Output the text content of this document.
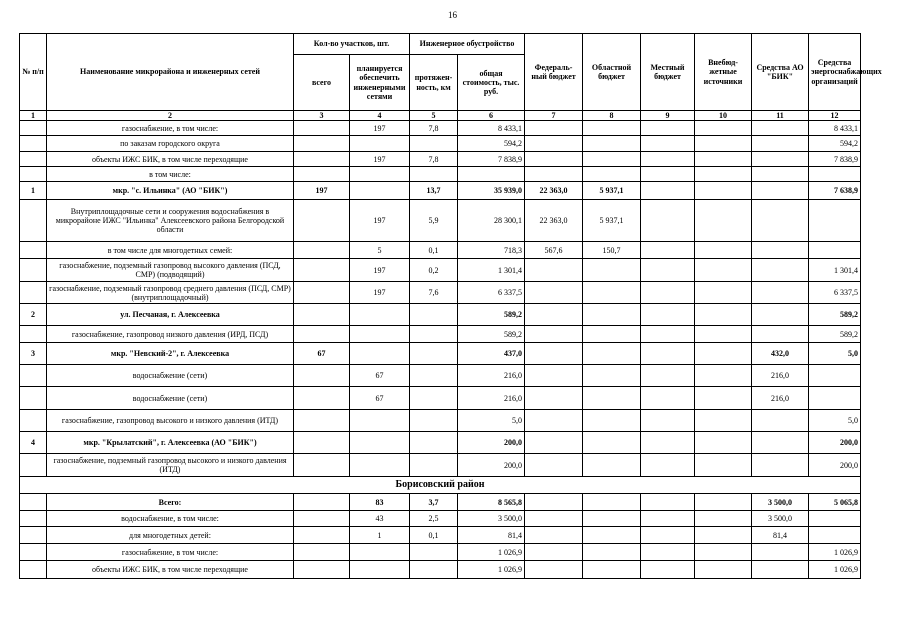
16
№ п/п	Наименование микрорайона и инженерных сетей	Кол-во участков, шт.		Инженерное обустройство		Федераль-ный бюджет	Областной бюджет	Местный бюджет	Внебюд-жетные источники	Средства АО "БИК"	Средства энергоснабжающих организаций
		всего	планируется обеспечить инженерными сетями	протяжен-ность, км	общая стоимость, тыс. руб.						
1	2	3	4	5	6	7	8	9	10	11	12
	газоснабжение, в том числе:		197	7,8	8 433,1						8 433,1
	по заказам городского округа				594,2						594,2
	объекты ИЖС БИК, в том числе переходящие		197	7,8	7 838,9						7 838,9
	в том числе:										
1	мкр. "с. Ильинка" (АО "БИК")	197		13,7	35 939,0	22 363,0	5 937,1				7 638,9
	Внутриплощадочные сети и сооружения водоснабжения в микрорайоне ИЖС "Ильинка" Алексеевского района Белгородской области		197	5,9	28 300,1	22 363,0	5 937,1				
	в том числе для многодетных семей:		5	0,1	718,3	567,6	150,7				
	газоснабжение, подземный газопровод высокого давления (ПСД, СМР) (подводящий)		197	0,2	1 301,4						1 301,4
	газоснабжение, подземный газопровод среднего давления (ПСД, СМР) (внутриплощадочный)		197	7,6	6 337,5						6 337,5
2	ул. Песчаная, г. Алексеевка				589,2						589,2
	газоснабжение, газопровод низкого давления (ИРД, ПСД)				589,2						589,2
3	мкр. "Невский-2", г. Алексеевка	67			437,0					432,0	5,0
	водоснабжение (сети)		67		216,0					216,0	
	водоснабжение (сети)		67		216,0					216,0	
	газоснабжение, газопровод высокого и низкого давления (ИТД)				5,0						5,0
4	мкр. "Крылатский", г. Алексеевка (АО "БИК")				200,0						200,0
	газоснабжение, подземный газопровод высокого и низкого давления (ИТД)				200,0						200,0
Борисовский район											
	Всего:		83	3,7	8 565,8					3 500,0	5 065,8
	водоснабжение, в том числе:		43	2,5	3 500,0					3 500,0	
	для многодетных детей:		1	0,1	81,4					81,4	
	газоснабжение, в том числе:				1 026,9						1 026,9
	объекты ИЖС БИК, в том числе переходящие				1 026,9						1 026,9
